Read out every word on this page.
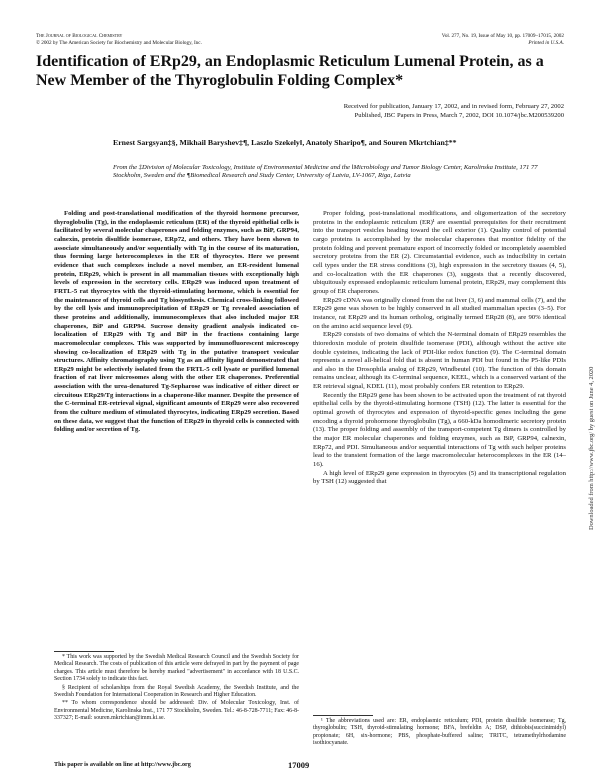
The Journal of Biological Chemistry
© 2002 by The American Society for Biochemistry and Molecular Biology, Inc.
Vol. 277, No. 19, Issue of May 10, pp. 17009–17015, 2002
Printed in U.S.A.
Identification of ERp29, an Endoplasmic Reticulum Lumenal Protein, as a New Member of the Thyroglobulin Folding Complex*
Received for publication, January 17, 2002, and in revised form, February 27, 2002
Published, JBC Papers in Press, March 7, 2002, DOI 10.1074/jbc.M200539200

Ernest Sargsyan‡§, Mikhail Baryshev‡¶, Laszlo Szekely‖, Anatoly Sharipo¶, and Souren Mkrtchian‡**

From the ‡Division of Molecular Toxicology, Institute of Environmental Medicine and the ‖Microbiology and Tumor Biology Center, Karolinska Institute, 171 77 Stockholm, Sweden and the ¶Biomedical Research and Study Center, University of Latvia, LV-1067, Riga, Latvia

Folding and post-translational modification of the thyroid hormone precursor, thyroglobulin (Tg), in the endoplasmic reticulum (ER) of the thyroid epithelial cells is facilitated by several molecular chaperones and folding enzymes, such as BiP, GRP94, calnexin, protein disulfide isomerase, ERp72, and others. They have been shown to associate simultaneously and/or sequentially with Tg in the course of its maturation, thus forming large heterocomplexes in the ER of thyrocytes. Here we present evidence that such complexes include a novel member, an ER-resident lumenal protein, ERp29, which is present in all mammalian tissues with exceptionally high levels of expression in the secretory cells. ERp29 was induced upon treatment of FRTL-5 rat thyrocytes with the thyroid-stimulating hormone, which is essential for the maintenance of thyroid cells and Tg biosynthesis. Chemical cross-linking followed by the cell lysis and immunoprecipitation of ERp29 or Tg revealed association of these proteins and additionally, immunocomplexes that also included major ER chaperones, BiP and GRP94. Sucrose density gradient analysis indicated co-localization of ERp29 with Tg and BiP in the fractions containing large macromolecular complexes. This was supported by immunofluorescent microscopy showing co-localization of ERp29 with Tg in the putative transport vesicular structures. Affinity chromatography using Tg as an affinity ligand demonstrated that ERp29 might be selectively isolated from the FRTL-5 cell lysate or purified lumenal fraction of rat liver microsomes along with the other ER chaperones. Preferential association with the urea-denatured Tg-Sepharose was indicative of either direct or circuitous ERp29/Tg interactions in a chaperone-like manner. Despite the presence of the C-terminal ER-retrieval signal, significant amounts of ERp29 were also recovered from the culture medium of stimulated thyrocytes, indicating ERp29 secretion. Based on these data, we suggest that the function of ERp29 in thyroid cells is connected with folding and/or secretion of Tg.

* This work was supported by the Swedish Medical Research Council and the Swedish Society for Medical Research. The costs of publication of this article were defrayed in part by the payment of page charges. This article must therefore be hereby marked "advertisement" in accordance with 18 U.S.C. Section 1734 solely to indicate this fact.

§ Recipient of scholarships from the Royal Swedish Academy, the Swedish Institute, and the Swedish Foundation for International Cooperation in Research and Higher Education.

** To whom correspondence should be addressed: Div. of Molecular Toxicology, Inst. of Environmental Medicine, Karolinska Inst., 171 77 Stockholm, Sweden. Tel.: 46-8-728-7711; Fax: 46-8-337327; E-mail: souren.mkrtchian@imm.ki.se.

Proper folding, post-translational modifications, and oligomerization of the secretory proteins in the endoplasmic reticulum (ER)¹ are essential prerequisites for their recruitment into the transport vesicles heading toward the cell exterior (1). Quality control of potential cargo proteins is accomplished by the molecular chaperones that monitor fidelity of the protein folding and prevent premature export of incorrectly folded or incompletely assembled secretory proteins from the ER (2). Circumstantial evidence, such as inducibility in certain cell types under the ER stress conditions (3), high expression in the secretory tissues (4, 5), and co-localization with the ER chaperones (3), suggests that a recently discovered, ubiquitously expressed endoplasmic reticulum lumenal protein, ERp29, may complement this group of ER chaperones.

ERp29 cDNA was originally cloned from the rat liver (3, 6) and mammal cells (7), and the ERp29 gene was shown to be highly conserved in all studied mammalian species (3–5). For instance, rat ERp29 and its human ortholog, originally termed ERp28 (8), are 90% identical on the amino acid sequence level (9).

ERp29 consists of two domains of which the N-terminal domain of ERp29 resembles the thioredoxin module of protein disulfide isomerase (PDI), although without the active site double cysteines, indicating the lack of PDI-like redox function (9). The C-terminal domain represents a novel all-helical fold that is absent in human PDI but found in the P5-like PDIs and also in the Drosophila analog of ERp29, Windbeutel (10). The function of this domain remains unclear, although its C-terminal sequence, KEEL, which is a conserved variant of the ER retrieval signal, KDEL (11), most probably confers ER retention to ERp29.

Recently the ERp29 gene has been shown to be activated upon the treatment of rat thyroid epithelial cells by the thyroid-stimulating hormone (TSH) (12). The latter is essential for the optimal growth of thyrocytes and expression of thyroid-specific genes including the gene encoding a thyroid prohormone thyroglobulin (Tg), a 660-kDa homodimeric secretory protein (13). The proper folding and assembly of the transport-competent Tg dimers is controlled by the major ER molecular chaperones and folding enzymes, such as BiP, GRP94, calnexin, ERp72, and PDI. Simultaneous and/or sequential interactions of Tg with such helper proteins lead to the transient formation of the large macromolecular heterocomplexes in the ER (14–16).

A high level of ERp29 gene expression in thyrocytes (5) and its transcriptional regulation by TSH (12) suggested that

¹ The abbreviations used are: ER, endoplasmic reticulum; PDI, protein disulfide isomerase; Tg, thyroglobulin; TSH, thyroid-stimulating hormone; BFA, brefeldin A; DSP, dithiobis(succinimidyl) propionate; 6H, six-hormone; PBS, phosphate-buffered saline; TRITC, tetramethylrhodamine isothiocyanate.

This paper is available on line at http://www.jbc.org	17009
Downloaded from http://www.jbc.org/ by guest on June 4, 2020
